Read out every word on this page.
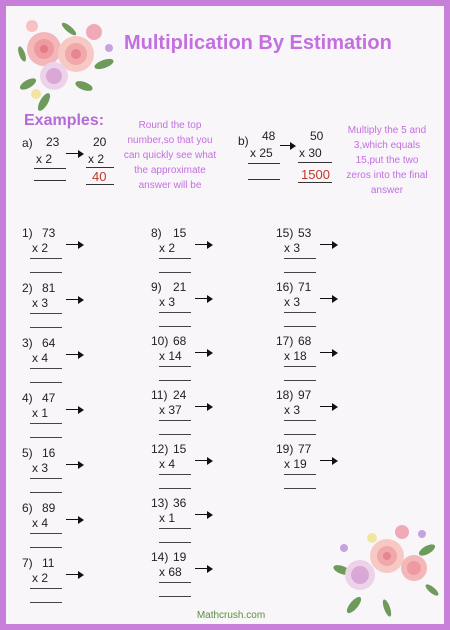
Multiplication By Estimation
Examples:
a) 23
x 2
20
x 2
40
Round the top number,so that you can quickly see what the approximate answer will be
b) 48
x 25
50
x 30
1500
Multiply the 5 and 3,which equals 15,put the two zeros into the final answer
1) 73
x 2
2) 81
x 3
3) 64
x 4
4) 47
x 1
5) 16
x 3
6) 89
x 4
7) 11
x 2
8) 15
x 2
9) 21
x 3
10) 68
x 14
11) 24
x 37
12) 15
x 4
13) 36
x 1
14) 19
x 68
15) 53
x 3
16) 71
x 3
17) 68
x 18
18) 97
x 3
19) 77
x 19
Mathcrush.com
